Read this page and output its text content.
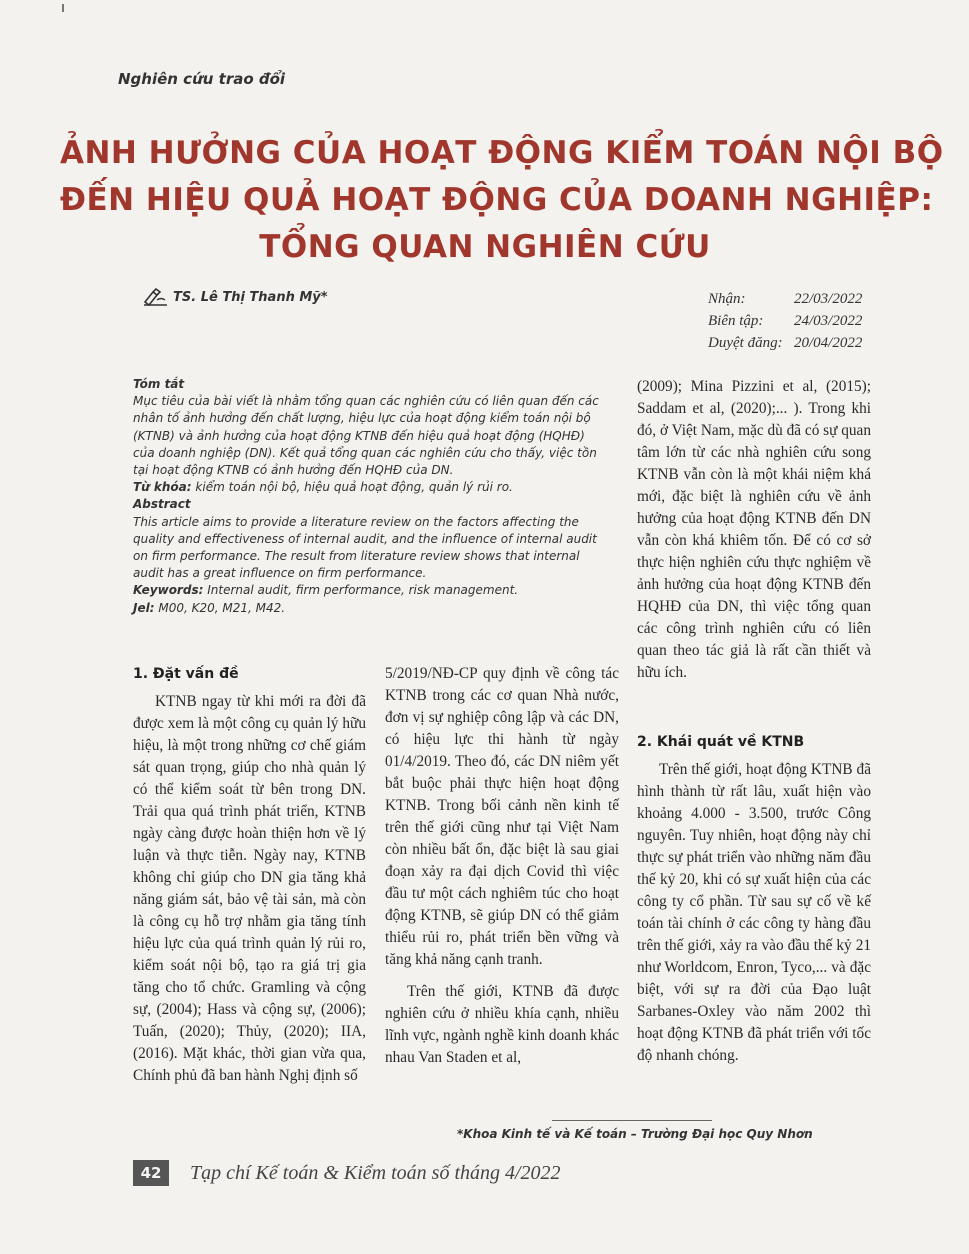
Nghiên cứu trao đổi
ẢNH HƯỞNG CỦA HOẠT ĐỘNG KIỂM TOÁN NỘI BỘ
ĐẾN HIỆU QUẢ HOẠT ĐỘNG CỦA DOANH NGHIỆP:
TỔNG QUAN NGHIÊN CỨU
TS. Lê Thị Thanh Mỹ*	Nhận:	22/03/2022
Biên tập:	24/03/2022
Duyệt đăng: 20/04/2022

Tóm tắt

Mục tiêu của bài viết là nhằm tổng quan các nghiên cứu có liên quan đến các nhân tố ảnh hưởng đến chất lượng, hiệu lực của hoạt động kiểm toán nội bộ (KTNB) và ảnh hưởng của hoạt động KTNB đến hiệu quả hoạt động (HQHĐ) của doanh nghiệp (DN). Kết quả tổng quan các nghiên cứu cho thấy, việc tồn tại hoạt động KTNB có ảnh hưởng đến HQHĐ của DN.

Từ khóa: kiểm toán nội bộ, hiệu quả hoạt động, quản lý rủi ro.

Abstract

This article aims to provide a literature review on the factors affecting the quality and effectiveness of internal audit, and the influence of internal audit on firm performance. The result from literature review shows that internal audit has a great influence on firm performance.

Keywords: Internal audit, firm performance, risk management.

Jel: M00, K20, M21, M42.

1. Đặt vấn đề

KTNB ngay từ khi mới ra đời đã được xem là một công cụ quản lý hữu hiệu, là một trong những cơ chế giám sát quan trọng, giúp cho nhà quản lý có thể kiểm soát từ bên trong DN. Trải qua quá trình phát triển, KTNB ngày càng được hoàn thiện hơn về lý luận và thực tiễn. Ngày nay, KTNB không chỉ giúp cho DN gia tăng khả năng giám sát, bảo vệ tài sản, mà còn là công cụ hỗ trợ nhằm gia tăng tính hiệu lực của quá trình quản lý rủi ro, kiểm soát nội bộ, tạo ra giá trị gia tăng cho tổ chức. Gramling và cộng sự, (2004); Hass và cộng sự, (2006); Tuấn, (2020); Thủy, (2020); IIA, (2016). Mặt khác, thời gian vừa qua, Chính phủ đã ban hành Nghị định số

5/2019/NĐ-CP quy định về công tác KTNB trong các cơ quan Nhà nước, đơn vị sự nghiệp công lập và các DN, có hiệu lực thi hành từ ngày 01/4/2019. Theo đó, các DN niêm yết bắt buộc phải thực hiện hoạt động KTNB. Trong bối cảnh nền kinh tế trên thế giới cũng như tại Việt Nam còn nhiều bất ổn, đặc biệt là sau giai đoạn xảy ra đại dịch Covid thì việc đầu tư một cách nghiêm túc cho hoạt động KTNB, sẽ giúp DN có thể giảm thiểu rủi ro, phát triển bền vững và tăng khả năng cạnh tranh.

Trên thế giới, KTNB đã được nghiên cứu ở nhiều khía cạnh, nhiều lĩnh vực, ngành nghề kinh doanh khác nhau Van Staden et al,

(2009); Mina Pizzini et al, (2015); Saddam et al, (2020);... ). Trong khi đó, ở Việt Nam, mặc dù đã có sự quan tâm lớn từ các nhà nghiên cứu song KTNB vẫn còn là một khái niệm khá mới, đặc biệt là nghiên cứu về ảnh hưởng của hoạt động KTNB đến DN vẫn còn khá khiêm tốn. Để có cơ sở thực hiện nghiên cứu thực nghiệm về ảnh hưởng của hoạt động KTNB đến HQHĐ của DN, thì việc tổng quan các công trình nghiên cứu có liên quan theo tác giả là rất cần thiết và hữu ích.

2. Khái quát về KTNB

Trên thế giới, hoạt động KTNB đã hình thành từ rất lâu, xuất hiện vào khoảng 4.000 - 3.500, trước Công nguyên. Tuy nhiên, hoạt động này chỉ thực sự phát triển vào những năm đầu thế kỷ 20, khi có sự xuất hiện của các công ty cổ phần. Từ sau sự cố về kế toán tài chính ở các công ty hàng đầu trên thế giới, xảy ra vào đầu thế kỷ 21 như Worldcom, Enron, Tyco,... và đặc biệt, với sự ra đời của Đạo luật Sarbanes-Oxley vào năm 2002 thì hoạt động KTNB đã phát triển với tốc độ nhanh chóng.

*Khoa Kinh tế và Kế toán – Trường Đại học Quy Nhơn
42	Tạp chí Kế toán & Kiểm toán số tháng 4/2022
